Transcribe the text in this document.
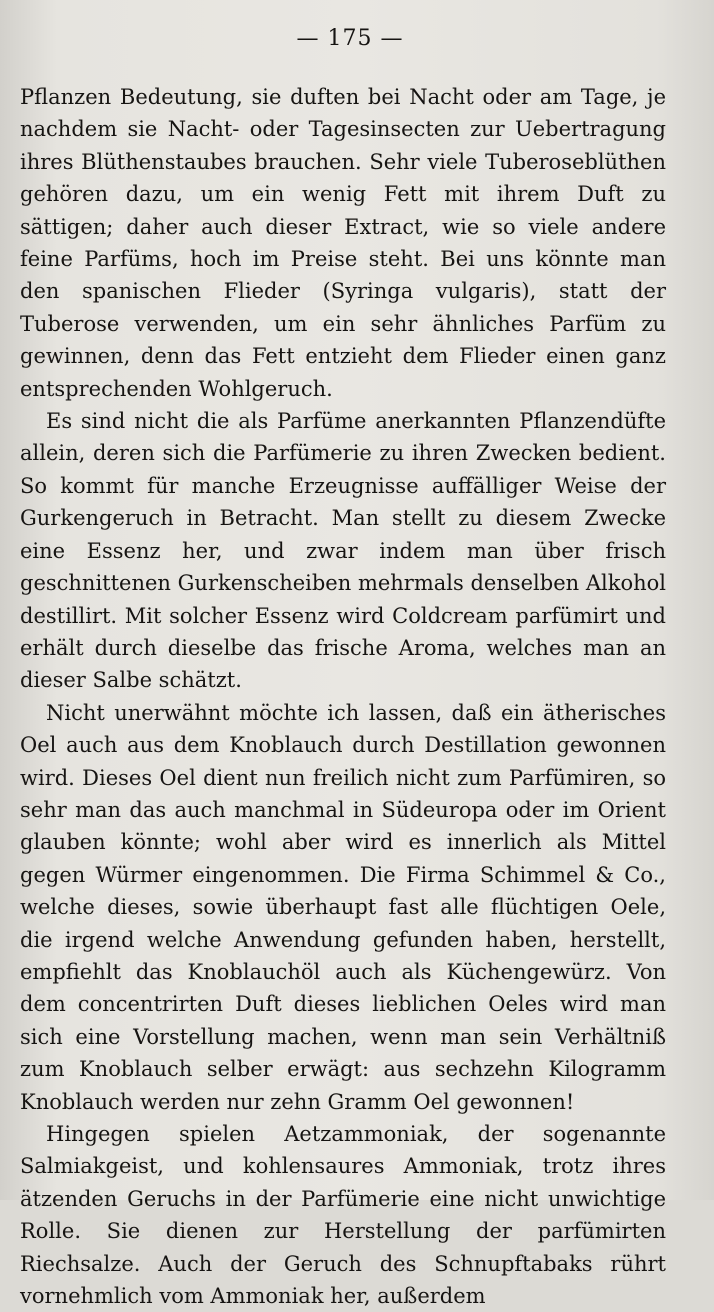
— 175 —

Pflanzen Bedeutung, sie duften bei Nacht oder am Tage, je nachdem sie Nacht- oder Tagesinsecten zur Uebertragung ihres Blüthenstaubes brauchen. Sehr viele Tuberoseblüthen gehören dazu, um ein wenig Fett mit ihrem Duft zu sättigen; daher auch dieser Extract, wie so viele andere feine Parfüms, hoch im Preise steht. Bei uns könnte man den spanischen Flieder (Syringa vulgaris), statt der Tuberose verwenden, um ein sehr ähnliches Parfüm zu gewinnen, denn das Fett entzieht dem Flieder einen ganz entsprechenden Wohlgeruch.

Es sind nicht die als Parfüme anerkannten Pflanzendüfte allein, deren sich die Parfümerie zu ihren Zwecken bedient. So kommt für manche Erzeugnisse auffälliger Weise der Gurkengeruch in Betracht. Man stellt zu diesem Zwecke eine Essenz her, und zwar indem man über frisch geschnittenen Gurkenscheiben mehrmals denselben Alkohol destillirt. Mit solcher Essenz wird Coldcream parfümirt und erhält durch dieselbe das frische Aroma, welches man an dieser Salbe schätzt.

Nicht unerwähnt möchte ich lassen, daß ein ätherisches Oel auch aus dem Knoblauch durch Destillation gewonnen wird. Dieses Oel dient nun freilich nicht zum Parfümiren, so sehr man das auch manchmal in Südeuropa oder im Orient glauben könnte; wohl aber wird es innerlich als Mittel gegen Würmer eingenommen. Die Firma Schimmel & Co., welche dieses, sowie überhaupt fast alle flüchtigen Oele, die irgend welche Anwendung gefunden haben, herstellt, empfiehlt das Knoblauchöl auch als Küchengewürz. Von dem concentrirten Duft dieses lieblichen Oeles wird man sich eine Vorstellung machen, wenn man sein Verhältniß zum Knoblauch selber erwägt: aus sechzehn Kilogramm Knoblauch werden nur zehn Gramm Oel gewonnen!

Hingegen spielen Aetzammoniak, der sogenannte Salmiakgeist, und kohlensaures Ammoniak, trotz ihres ätzenden Geruchs in der Parfümerie eine nicht unwichtige Rolle. Sie dienen zur Herstellung der parfümirten Riechsalze. Auch der Geruch des Schnupftabaks rührt vornehmlich vom Ammoniak her, außerdem
